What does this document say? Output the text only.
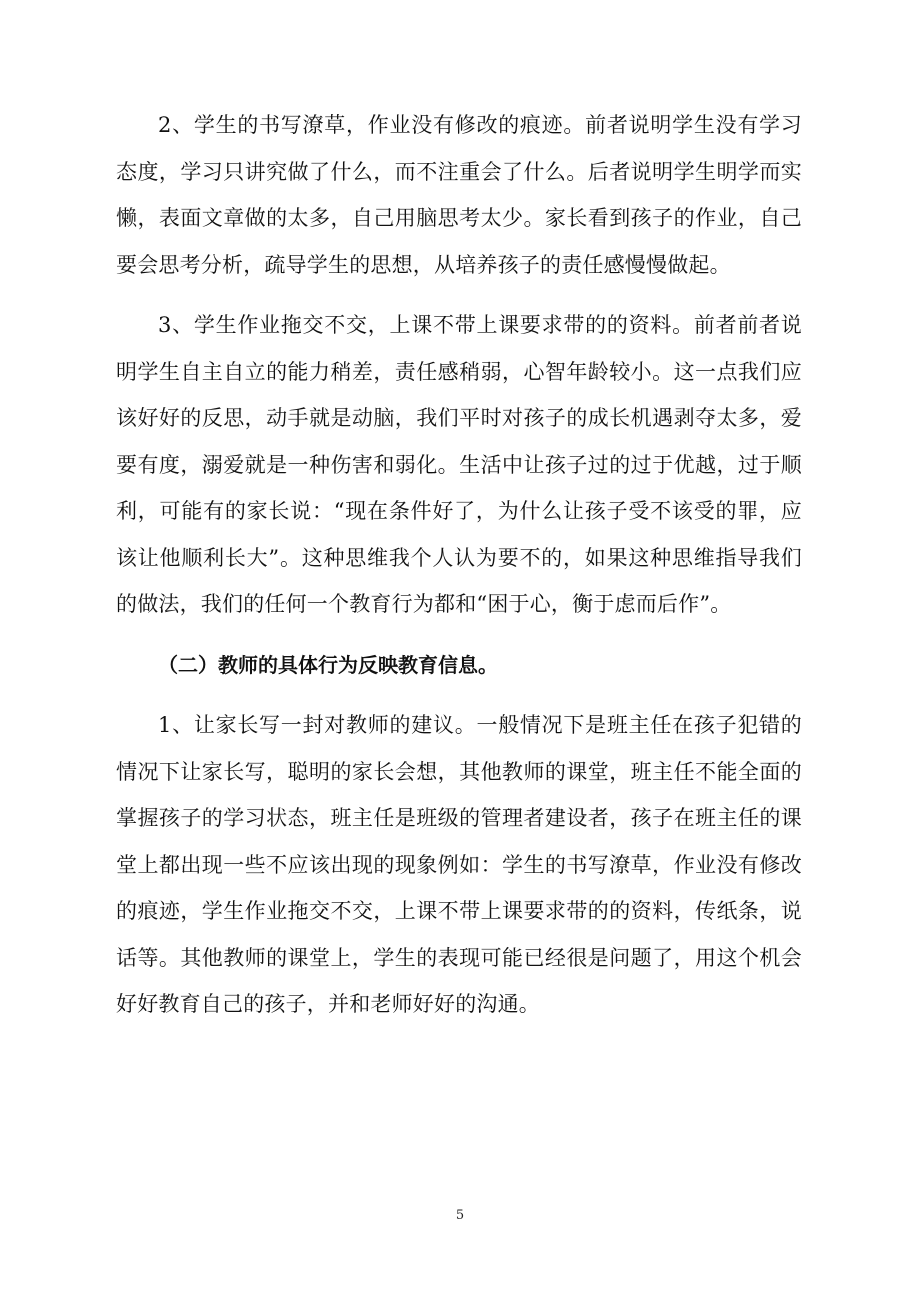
2、学生的书写潦草，作业没有修改的痕迹。前者说明学生没有学习态度，学习只讲究做了什么，而不注重会了什么。后者说明学生明学而实懒，表面文章做的太多，自己用脑思考太少。家长看到孩子的作业，自己要会思考分析，疏导学生的思想，从培养孩子的责任感慢慢做起。

3、学生作业拖交不交，上课不带上课要求带的的资料。前者前者说明学生自主自立的能力稍差，责任感稍弱，心智年龄较小。这一点我们应该好好的反思，动手就是动脑，我们平时对孩子的成长机遇剥夺太多，爱要有度，溺爱就是一种伤害和弱化。生活中让孩子过的过于优越，过于顺利，可能有的家长说：“现在条件好了，为什么让孩子受不该受的罪，应该让他顺利长大”。这种思维我个人认为要不的，如果这种思维指导我们的做法，我们的任何一个教育行为都和“困于心，衡于虑而后作”。

（二）教师的具体行为反映教育信息。

1、让家长写一封对教师的建议。一般情况下是班主任在孩子犯错的情况下让家长写，聪明的家长会想，其他教师的课堂，班主任不能全面的掌握孩子的学习状态，班主任是班级的管理者建设者，孩子在班主任的课堂上都出现一些不应该出现的现象例如：学生的书写潦草，作业没有修改的痕迹，学生作业拖交不交，上课不带上课要求带的的资料，传纸条，说话等。其他教师的课堂上，学生的表现可能已经很是问题了，用这个机会好好教育自己的孩子，并和老师好好的沟通。

5
